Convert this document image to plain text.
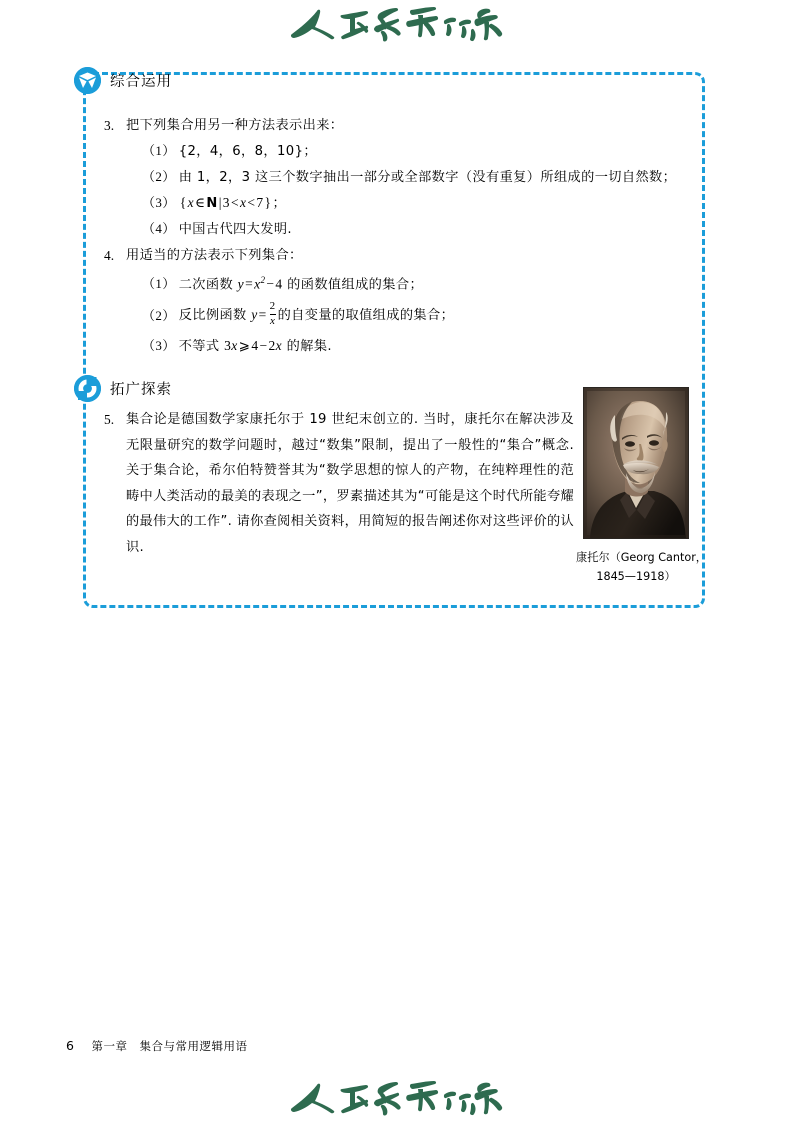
综合运用
拓广探索
3. 把下列集合用另一种方法表示出来：
（1） {2，4，6，8，10}；
（2） 由 1，2，3 这三个数字抽出一部分或全部数字（没有重复）所组成的一切自然数；
（3） {x∈N|3<x<7}；
（4） 中国古代四大发明.
4. 用适当的方法表示下列集合：
（1） 二次函数 $y=x^2-4$ 的函数值组成的集合；
（2） 反比例函数 $y= \frac{2}{x}$ 的自变量的取值组成的集合；
（3） 不等式 3x⩾4−2x 的解集.
5. 集合论是德国数学家康托尔于 19 世纪末创立的. 当时，康托尔在解决涉及无限量研究的数学问题时，越过“数集”限制，提出了一般性的“集合”概念. 关于集合论，希尔伯特赞誉其为“数学思想的惊人的产物，在纯粹理性的范畴中人类活动的最美的表现之一”，罗素描述其为“可能是这个时代所能夸耀的最伟大的工作”. 请你查阅相关资料，用简短的报告阐述你对这些评价的认识.
康托尔（Georg Cantor，
1845—1918）
6 第一章　集合与常用逻辑用语
